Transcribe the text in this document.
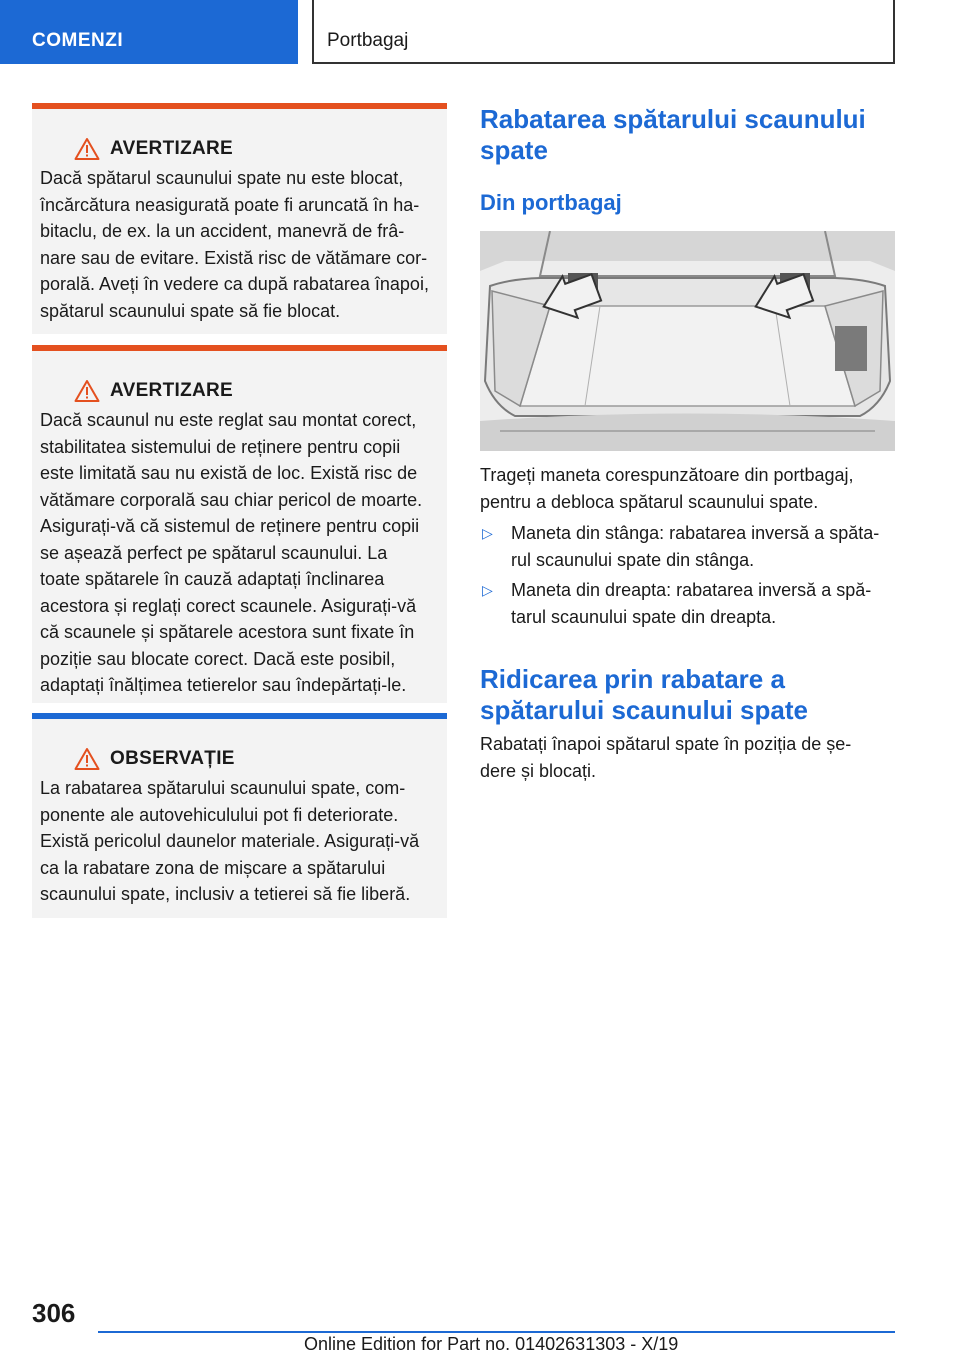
COMENZI	Portbagaj
AVERTIZARE
Dacă spătarul scaunului spate nu este blocat,
încărcătura neasigurată poate fi aruncată în ha-
bitaclu, de ex. la un accident, manevră de frâ-
nare sau de evitare. Există risc de vătămare cor-
porală. Aveți în vedere ca după rabatarea înapoi,
spătarul scaunului spate să fie blocat.
AVERTIZARE
Dacă scaunul nu este reglat sau montat corect,
stabilitatea sistemului de reținere pentru copii
este limitată sau nu există de loc. Există risc de
vătămare corporală sau chiar pericol de moarte.
Asigurați-vă că sistemul de reținere pentru copii
se așează perfect pe spătarul scaunului. La
toate spătarele în cauză adaptați înclinarea
acestora și reglați corect scaunele. Asigurați-vă
că scaunele și spătarele acestora sunt fixate în
poziție sau blocate corect. Dacă este posibil,
adaptați înălțimea tetierelor sau îndepărtați-le.
OBSERVAȚIE
La rabatarea spătarului scaunului spate, com-
ponente ale autovehiculului pot fi deteriorate.
Există pericolul daunelor materiale. Asigurați-vă
ca la rabatare zona de mișcare a spătarului
scaunului spate, inclusiv a tetierei să fie liberă.
Rabatarea spătarului scaunului
spate
Din portbagaj
Trageți maneta corespunzătoare din portbagaj,
pentru a debloca spătarul scaunului spate.
▷	Maneta din stânga: rabatarea inversă a spăta-
rul scaunului spate din stânga.
▷	Maneta din dreapta: rabatarea inversă a spă-
tarul scaunului spate din dreapta.
Ridicarea prin rabatare a
spătarului scaunului spate
Rabatați înapoi spătarul spate în poziția de șe-
dere și blocați.
306
Online Edition for Part no. 01402631303 - X/19
